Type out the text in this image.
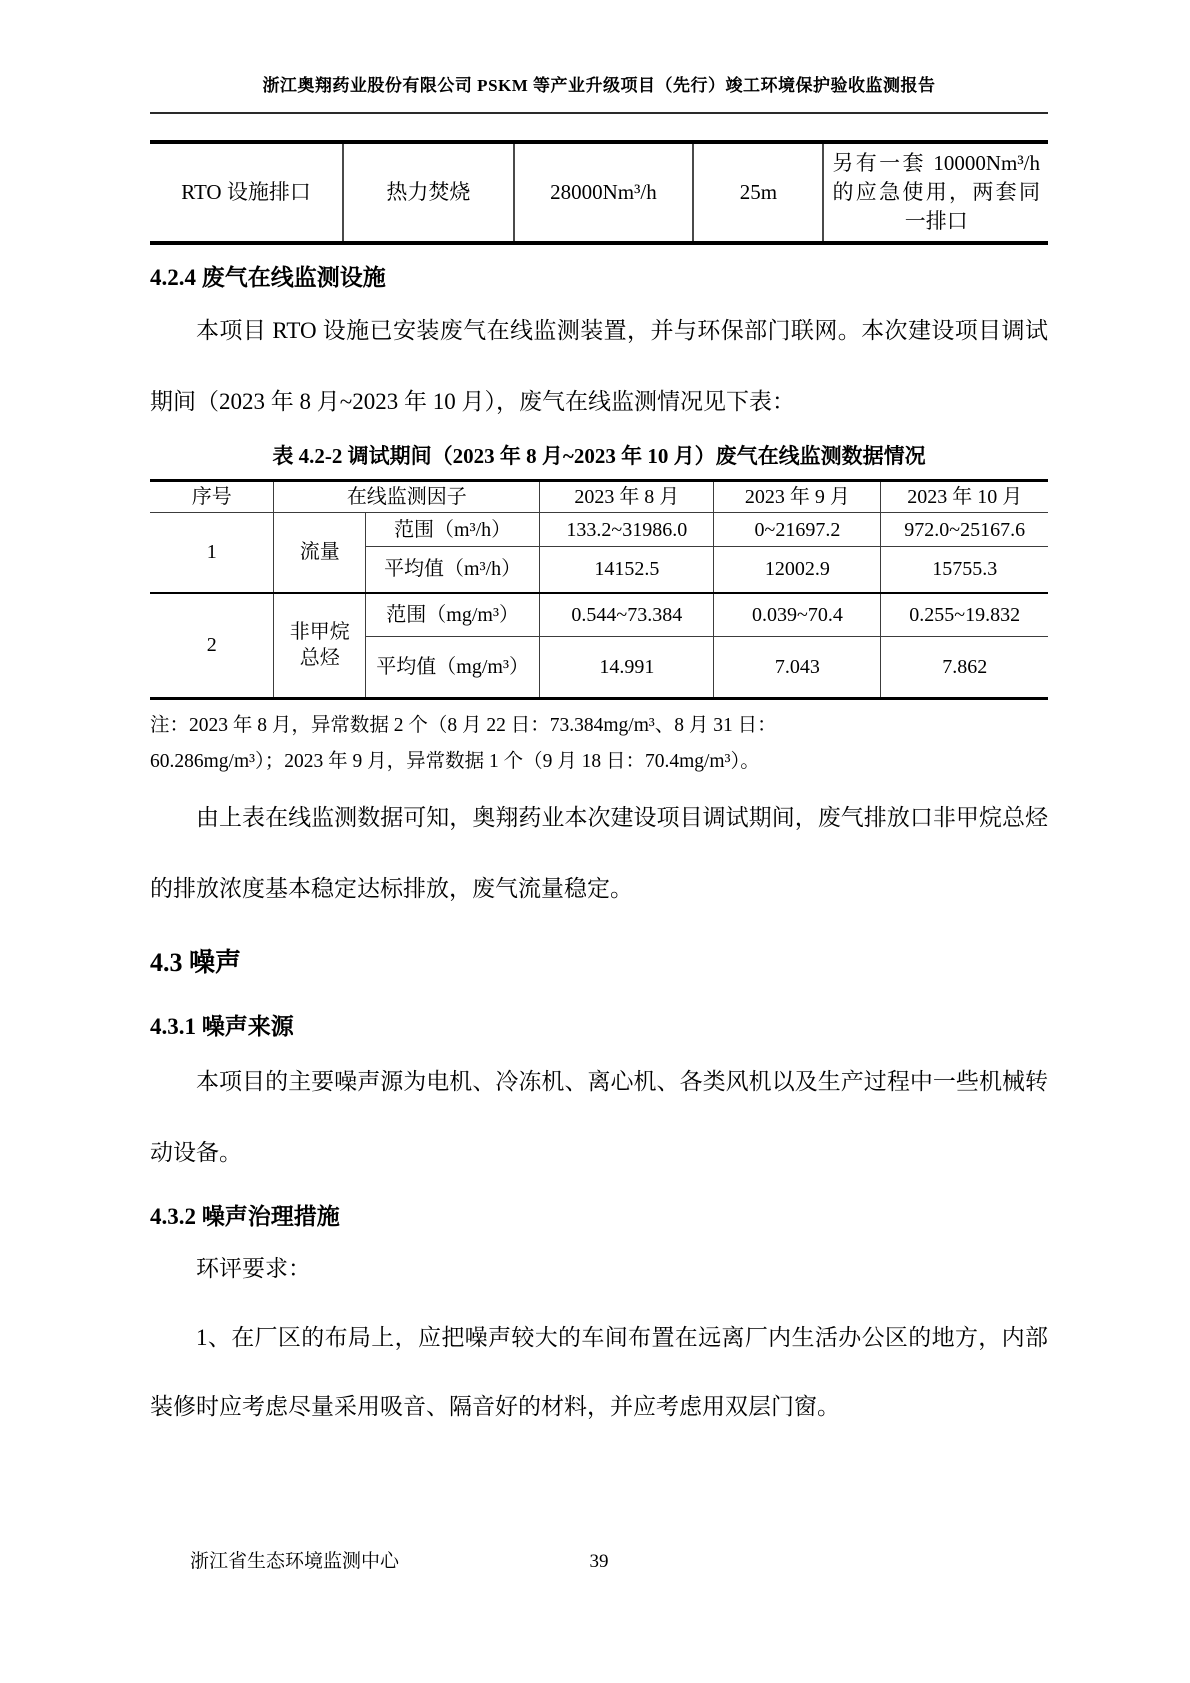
浙江奥翔药业股份有限公司 PSKM 等产业升级项目（先行）竣工环境保护验收监测报告
RTO 设施排口	热力焚烧	28000Nm³/h	25m	另有一套 10000Nm³/h 的应急使用，两套同一排口
4.2.4 废气在线监测设施

本项目 RTO 设施已安装废气在线监测装置，并与环保部门联网。本次建设项目调试期间（2023 年 8 月~2023 年 10 月），废气在线监测情况见下表：

表 4.2-2 调试期间（2023 年 8 月~2023 年 10 月）废气在线监测数据情况
序号	在线监测因子		2023 年 8 月	2023 年 9 月	2023 年 10 月
1	流量	范围（m³/h）	133.2~31986.0	0~21697.2	972.0~25167.6
		平均值（m³/h）	14152.5	12002.9	15755.3
2	非甲烷总烃	范围（mg/m³）	0.544~73.384	0.039~70.4	0.255~19.832
		平均值（mg/m³）	14.991	7.043	7.862
注：2023 年 8 月，异常数据 2 个（8 月 22 日：73.384mg/m³、8 月 31 日：
60.286mg/m³）；2023 年 9 月，异常数据 1 个（9 月 18 日：70.4mg/m³）。

由上表在线监测数据可知，奥翔药业本次建设项目调试期间，废气排放口非甲烷总烃的排放浓度基本稳定达标排放，废气流量稳定。

4.3 噪声
4.3.1 噪声来源

本项目的主要噪声源为电机、冷冻机、离心机、各类风机以及生产过程中一些机械转动设备。

4.3.2 噪声治理措施

环评要求：

1、在厂区的布局上，应把噪声较大的车间布置在远离厂内生活办公区的地方，内部装修时应考虑尽量采用吸音、隔音好的材料，并应考虑用双层门窗。

浙江省生态环境监测中心	39
